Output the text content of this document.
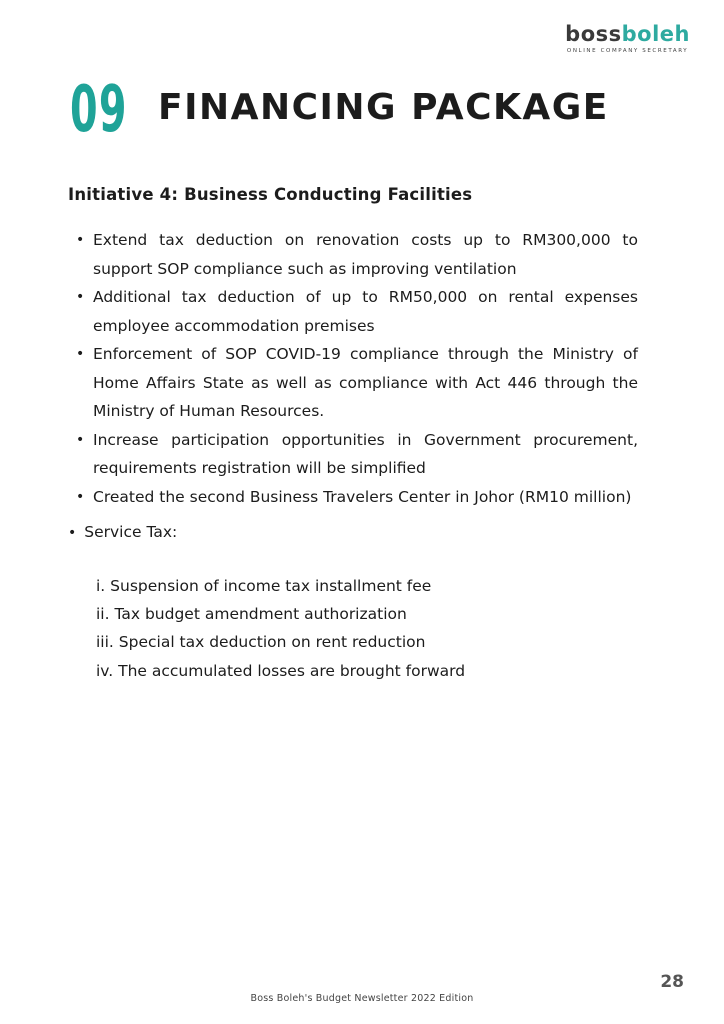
bossboleh
ONLINE COMPANY SECRETARY
09 FINANCING PACKAGE
Initiative 4: Business Conducting Facilities
• Extend tax deduction on renovation costs up to RM300,000 to support SOP compliance such as improving ventilation
• Additional tax deduction of up to RM50,000 on rental expenses employee accommodation premises
• Enforcement of SOP COVID-19 compliance through the Ministry of Home Affairs State as well as compliance with Act 446 through the Ministry of Human Resources.
• Increase participation opportunities in Government procurement, requirements registration will be simplified
• Created the second Business Travelers Center in Johor (RM10 million)
• Service Tax:
i. Suspension of income tax installment fee
ii. Tax budget amendment authorization
iii. Special tax deduction on rent reduction
iv. The accumulated losses are brought forward
28
Boss Boleh's Budget Newsletter 2022 Edition
